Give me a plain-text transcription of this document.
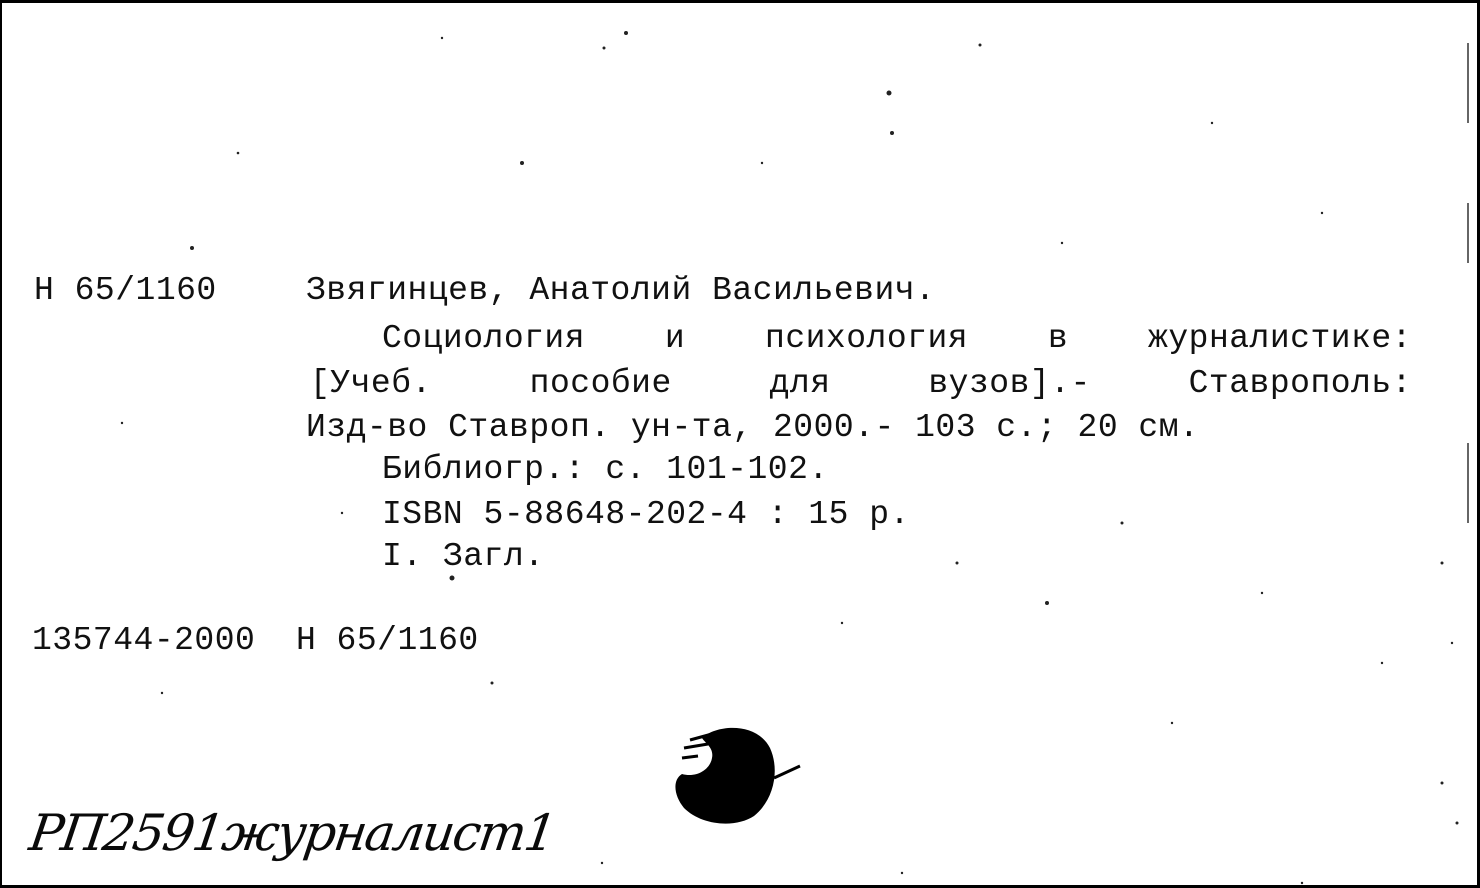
Н 65/1160	Звягинцев, Анатолий Васильевич.
Социология и психология в журналистике:
[Учеб.	пособие	для	вузов].-	Ставрополь:
Изд-во Ставроп. ун-та, 2000.- 103 с.; 20 см.
Библиогр.: с. 101-102.
ISBN 5-88648-202-4 : 15 р.
I. Загл.
135744-2000  Н 65/1160
РП2591журналист1
